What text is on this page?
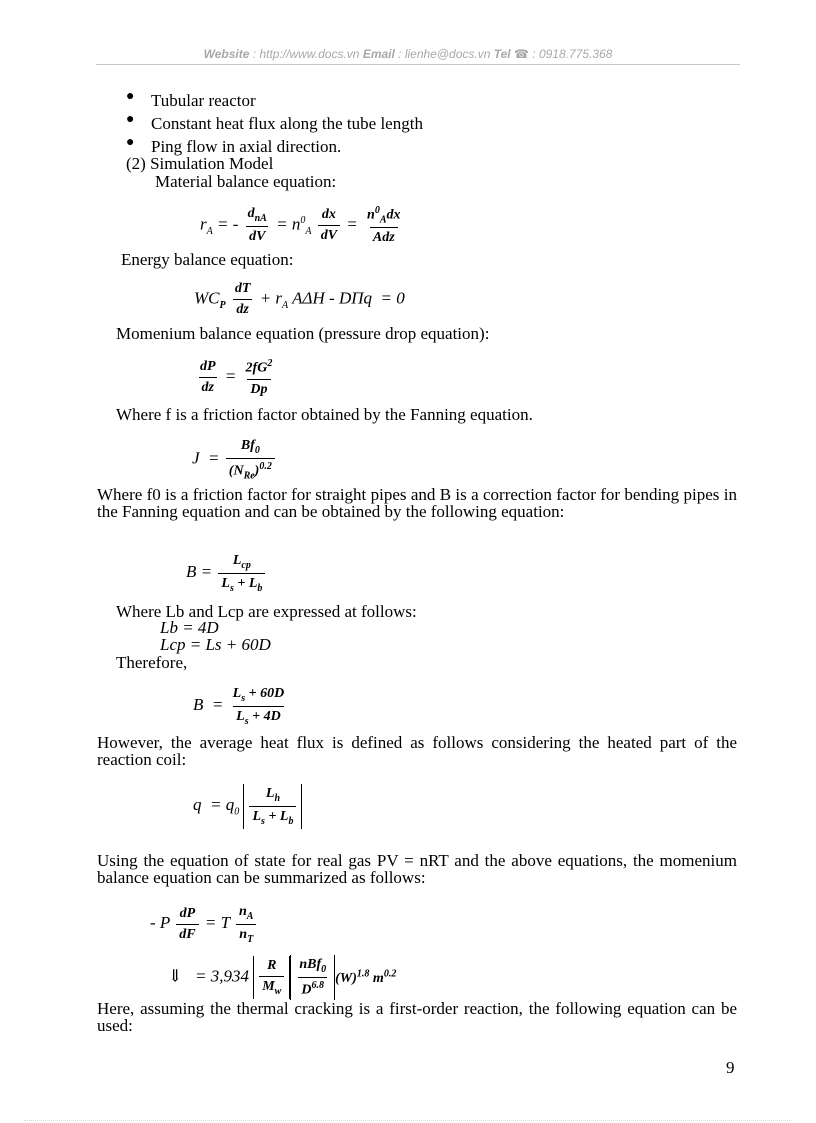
Website : http://www.docs.vn Email : lienhe@docs.vn Tel ☎ : 0918.775.368
● Tubular reactor
● Constant heat flux along the tube length
● Ping flow in axial direction.
(2) Simulation Model
Material balance equation:
$r_A$ = - $\frac{d_{nA}}{dV} = n^0_A \frac{dx}{dV} = \frac{n^0_Adx}{\text{Adz}}$
Energy balance equation:
$WC_P \frac{dT}{dz} + r_A$ AΔH - DΠq  = 0
Momenium balance equation (pressure drop equation):
$\frac{dP}{dz} = \frac{2fG^2}{Dp}$
Where f is a friction factor obtained by the Fanning equation.
$J = \frac{Bf_0}{(N_{Re})^{0.2}}$
Where f0 is a friction factor for straight pipes and B is a correction factor for bending pipes in the Fanning equation and can be obtained by the following equation:
$B = \frac{L_{cp}}{L_s + L_b}$
Where Lb and Lcp are expressed at follows:
Lb = 4D
Lcp = Ls + 60D
Therefore,
$B = \frac{L_s + 60D}{L_s + 4D}$
However, the average heat flux is defined as follows considering the heated part of the reaction coil:
$q = q_0 \frac{L_h}{L_s + L_b}$
Using the equation of state for real gas PV = nRT and the above equations, the momenium balance equation can be summarized as follows:
- P $\frac{dP}{dF} = T \frac{n_A}{n_T}$
⇓   = $3,934 \frac{R}{M_w} \frac{nBf_0}{D^{6.8}} (W)^{1.8}$ $m^{0.2}$
Here, assuming the thermal cracking is a first-order reaction, the following equation can be used:
9
